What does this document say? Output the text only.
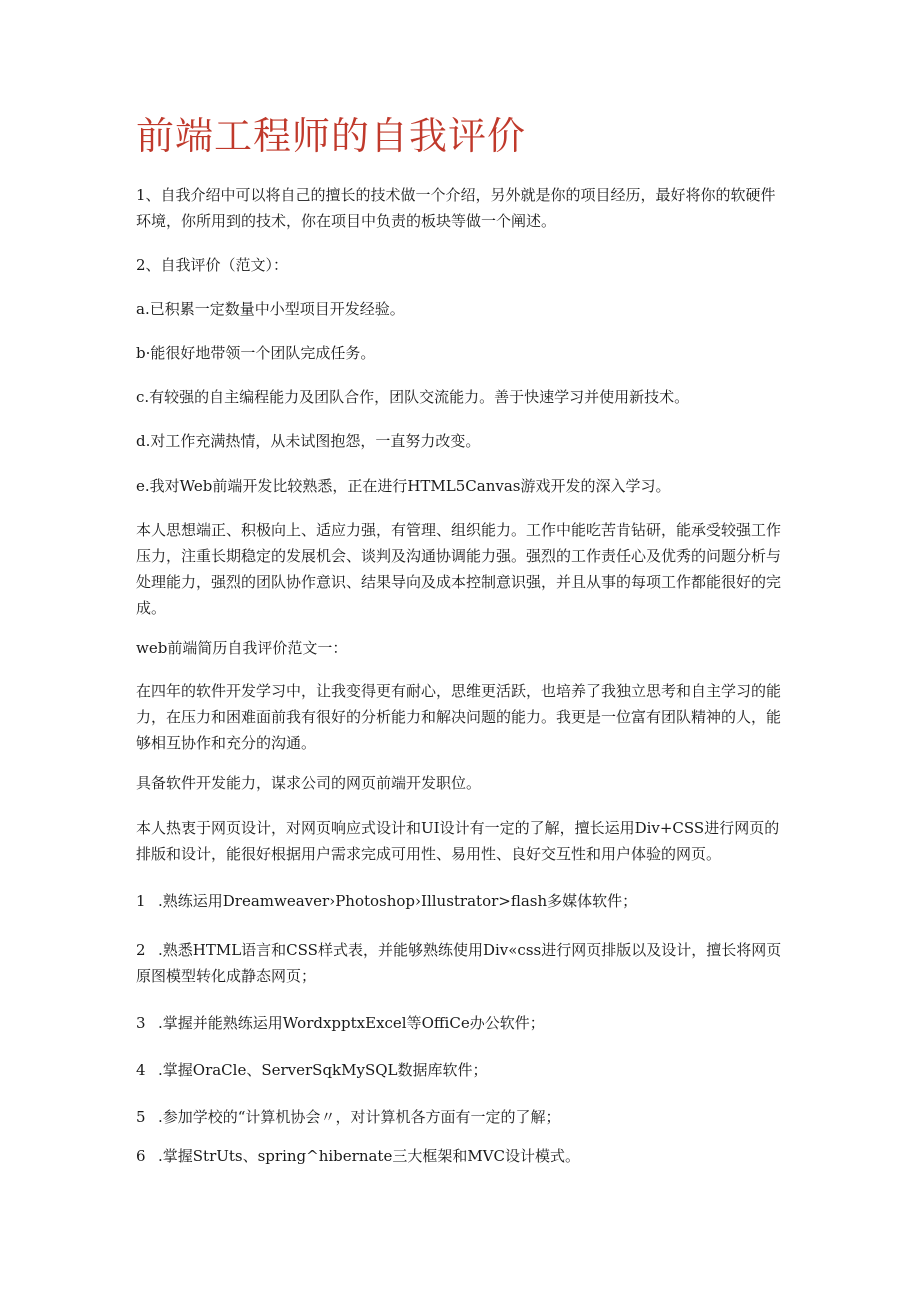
前端工程师的自我评价

1、自我介绍中可以将自己的擅长的技术做一个介绍，另外就是你的项目经历，最好将你的软硬件环境，你所用到的技术，你在项目中负责的板块等做一个阐述。

2、自我评价（范文）：

a.已积累一定数量中小型项目开发经验。

b·能很好地带领一个团队完成任务。

c.有较强的自主编程能力及团队合作，团队交流能力。善于快速学习并使用新技术。

d.对工作充满热情，从未试图抱怨，一直努力改变。

e.我对Web前端开发比较熟悉，正在进行HTML5Canvas游戏开发的深入学习。

本人思想端正、积极向上、适应力强，有管理、组织能力。工作中能吃苦肯钻研，能承受较强工作压力，注重长期稳定的发展机会、谈判及沟通协调能力强。强烈的工作责任心及优秀的问题分析与处理能力，强烈的团队协作意识、结果导向及成本控制意识强，并且从事的每项工作都能很好的完成。

web前端简历自我评价范文一：

在四年的软件开发学习中，让我变得更有耐心，思维更活跃，也培养了我独立思考和自主学习的能力，在压力和困难面前我有很好的分析能力和解决问题的能力。我更是一位富有团队精神的人，能够相互协作和充分的沟通。

具备软件开发能力，谋求公司的网页前端开发职位。

本人热衷于网页设计，对网页响应式设计和UI设计有一定的了解，擅长运用Div+CSS进行网页的排版和设计，能很好根据用户需求完成可用性、易用性、良好交互性和用户体验的网页。

1 .熟练运用Dreamweaver›Photoshop›Illustrator>flash多媒体软件；
2 .熟悉HTML语言和CSS样式表，并能够熟练使用Div«css进行网页排版以及设计，擅长将网页原图模型转化成静态网页；
3 .掌握并能熟练运用WordxpptxExcel等OffiCe办公软件；
4 .掌握OraCle、ServerSqkMySQL数据库软件；
5 .参加学校的“计算机协会〃，对计算机各方面有一定的了解；
6 .掌握StrUts、spring^hibernate三大框架和MVC设计模式。
